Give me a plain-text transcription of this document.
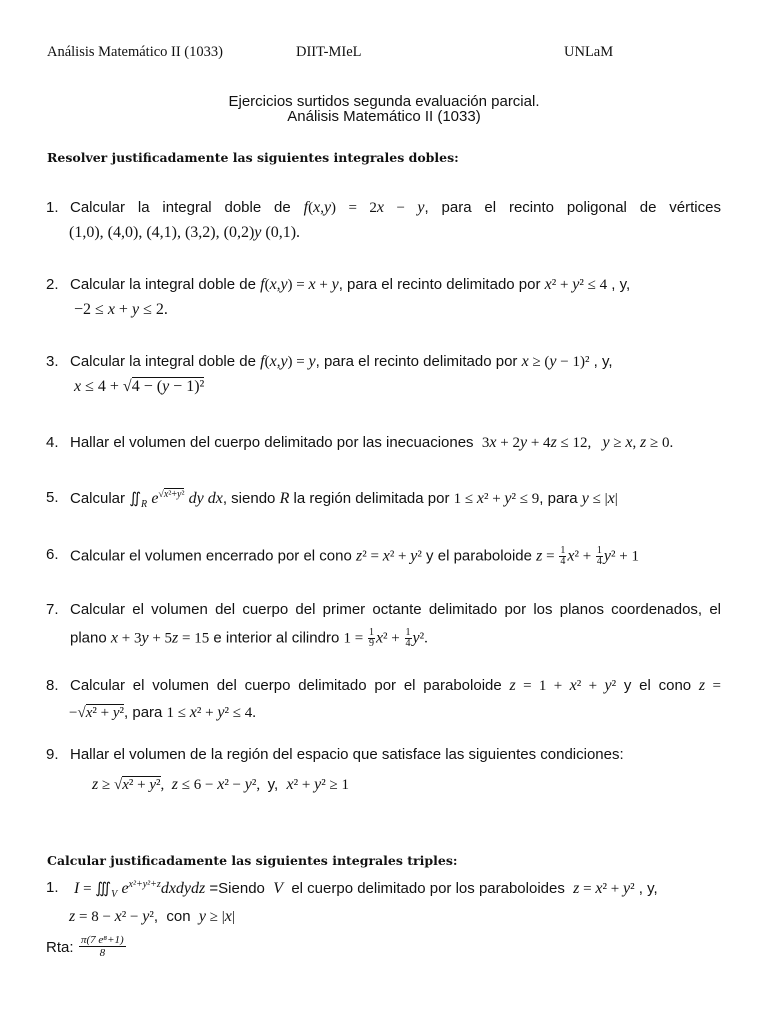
Análisis Matemático II (1033)	DIIT-MIeL	UNLaM
Ejercicios surtidos segunda evaluación parcial.
Análisis Matemático II (1033)
Resolver justificadamente las siguientes integrales dobles:
1. Calcular la integral doble de f(x,y) = 2x − y, para el recinto poligonal de vértices
(1,0), (4,0), (4,1), (3,2), (0,2)y (0,1).
2. Calcular la integral doble de f(x,y) = x + y, para el recinto delimitado por x² + y² ≤ 4 , y,
−2 ≤ x + y ≤ 2.
3. Calcular la integral doble de f(x,y) = y, para el recinto delimitado por x ≥ (y − 1)² , y,
x ≤ 4 + √4 − (y − 1)²
4. Hallar el volumen del cuerpo delimitado por las inecuaciones  3x + 2y + 4z ≤ 12,   y ≥ x, z ≥ 0.
5. Calcular $∬_R$ $e^{√x^2+y^2}$ dy dx, siendo R la región delimitada por 1 ≤ x² + y² ≤ 9, para y ≤ |x|
6. Calcular el volumen encerrado por el cono z² = x² + y² y el paraboloide $z = \frac{1}{4} x^2 + \frac{1}{4} y^2 + 1$
7. Calcular el volumen del cuerpo del primer octante delimitado por los planos coordenados, el
plano x + 3y + 5z = 15 e interior al cilindro $1 = \frac{1}{9} x^2 + \frac{1}{4} y^2$.
8. Calcular el volumen del cuerpo delimitado por el paraboloide z = 1 + x² + y² y el cono z =
−√x² + y², para 1 ≤ x² + y² ≤ 4.
9. Hallar el volumen de la región del espacio que satisface las siguientes condiciones:
z ≥ √x² + y²,  z ≤ 6 − x² − y²,  y,  x² + y² ≥ 1
Calcular justificadamente las siguientes integrales triples:
1. $I = ∭_V$ $e^{x^2+y^2+z}dxdydz$ =Siendo  V  el cuerpo delimitado por los paraboloides  z = x² + y² , y,
z = 8 − x² − y²,  con  y ≥ |x|
Rta: $\frac{\text{π(7 e⁸+1)}}{8}$
